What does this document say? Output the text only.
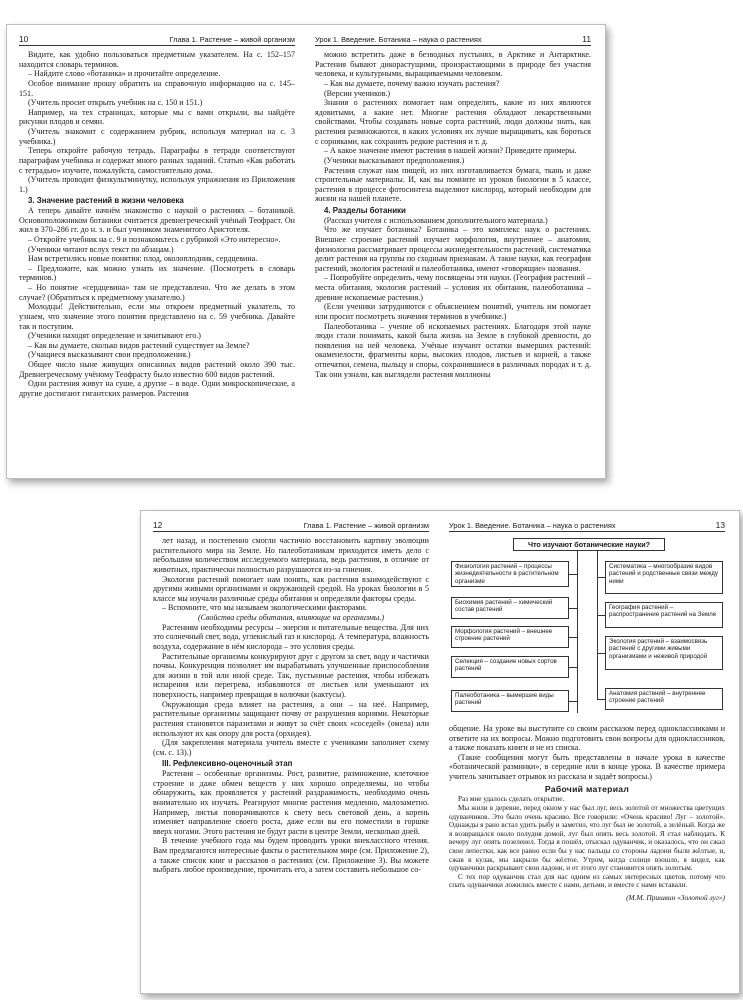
10	Глава 1. Растение – живой организм

Видите, как удобно пользоваться предметным указателем. На с. 152–157 находится словарь терминов.

– Найдите слово «ботаника» и прочитайте определение.

Особое внимание прошу обратить на справочную информацию на с. 145–151.

(Учитель просит открыть учебник на с. 150 и 151.)

Например, на тех страницах, которые мы с вами открыли, вы найдёте рисунки плодов и семян.

(Учитель знакомит с содержанием рубрик, используя материал на с. 3 учебника.)

Теперь откройте рабочую тетрадь. Параграфы в тетради соответствуют параграфам учебника и содержат много разных заданий. Статью «Как работать с тетрадью» изучите, пожалуйста, самостоятельно дома.

(Учитель проводит физкультминутку, используя упражнения из Приложения 1.)

3. Значение растений в жизни человека

А теперь давайте начнём знакомство с наукой о растениях – ботаникой. Основоположником ботаники считается древнегреческий учёный Теофраст. Он жил в 370–286 гг. до н. э. и был учеником знаменитого Аристотеля.

– Откройте учебник на с. 9 и познакомьтесь с рубрикой «Это интересно».

(Ученики читают вслух текст по абзацам.)

Нам встретились новые понятия: плод, околоплодник, сердцевина.

– Предложите, как можно узнать их значение. (Посмотреть в словарь терминов.)

– Но понятие «сердцевина» там не представлено. Что же делать в этом случае? (Обратиться к предметному указателю.)

Молодцы! Действительно, если мы откроем предметный указатель, то узнаем, что значение этого понятия представлено на с. 59 учебника. Давайте так и поступим.

(Ученики находят определение и зачитывают его.)

– Как вы думаете, сколько видов растений существует на Земле?

(Учащиеся высказывают свои предположения.)

Общее число ныне живущих описанных видов растений около 390 тыс. Древнегреческому учёному Теофрасту было известно 600 видов растений.

Одни растения живут на суше, а другие – в воде. Одни микроскопические, а другие достигают гигантских размеров. Растения

Урок 1. Введение. Ботаника – наука о растениях	11

можно встретить даже в безводных пустынях, в Арктике и Антарктике. Растения бывают дикорастущими, произрастающими в природе без участия человека, и культурными, выращиваемыми человеком.

– Как вы думаете, почему важно изучать растения?

(Версии учеников.)

Знания о растениях помогает нам определять, какие из них являются ядовитыми, а какие нет. Многие растения обладают лекарственными свойствами. Чтобы создавать новые сорта растений, люди должны знать, как растения размножаются, в каких условиях их лучше выращивать, как бороться с сорняками, как сохранять редкие растения и т. д.

– А какое значение имеют растения в нашей жизни? Приведите примеры.

(Ученики высказывают предположения.)

Растения служат нам пищей, из них изготавливается бумага, ткань и даже строительные материалы. И, как вы помните из уроков биологии в 5 классе, растения в процессе фотосинтеза выделяют кислород, который необходим для жизни на нашей планете.

4. Разделы ботаники

(Рассказ учителя с использованием дополнительного материала.)

Что же изучает ботаника? Ботаника – это комплекс наук о растениях. Внешнее строение растений изучает морфология, внутреннее – анатомия, физиология рассматривает процессы жизнедеятельности растений, систематика делит растения на группы по сходным признакам. А такие науки, как география растений, экология растений и палеоботаника, имеют «говорящие» названия.

– Попробуйте определить, чему посвящены эти науки. (География растений – места обитания, экология растений – условия их обитания, палеоботаника – древние ископаемые растения.)

(Если ученики затрудняются с объяснением понятий, учитель им помогает или просит посмотреть значения терминов в учебнике.)

Палеоботаника – учение об ископаемых растениях. Благодаря этой науке люди стали понимать, какой была жизнь на Земле в глубокой древности, до появления на ней человека. Учёные изучают остатки вымерших растений: окаменелости, фрагменты коры, высоких плодов, листьев и корней, а также отпечатки, семена, пыльцу и споры, сохранившиеся в различных породах и т. д. Так они узнали, как выглядели растения миллионы

12	Глава 1. Растение – живой организм

лет назад, и постепенно смогли частично восстановить картину эволюции растительного мира на Земле. Но палеоботаникам приходится иметь дело с небольшим количеством исследуемого материала, ведь растения, в отличие от животных, практически полностью разрушаются из-за гниения.

Экология растений помогает нам понять, как растения взаимодействуют с другими живыми организмами и окружающей средой. На уроках биологии в 5 классе мы изучали различные среды обитания и определяли факторы среды.

– Вспомните, что мы называем экологическими факторами.

(Свойства среды обитания, влияющие на организмы.)

Растениям необходимы ресурсы – энергия и питательные вещества. Для них это солнечный свет, вода, углекислый газ и кислород. А температура, влажность воздуха, содержание в нём кислорода – это условия среды.

Растительные организмы конкурируют друг с другом за свет, воду и частички почвы. Конкуренция позволяет им вырабатывать улучшенные приспособления для жизни в той или иной среде. Так, пустынные растения, чтобы избежать испарения или перегрева, избавляются от листьев или уменьшают их поверхность, например превращая в колючки (кактусы).

Окружающая среда влияет на растения, а они – на неё. Например, растительные организмы защищают почву от разрушения корнями. Некоторые растения становятся паразитами и живут за счёт своих «соседей» (омела) или используют их как опору для роста (орхидея).

(Для закрепления материала учитель вместе с учениками заполняет схему (см. с. 13).)

III. Рефлексивно-оценочный этап

Растения – особенные организмы. Рост, развитие, размножение, клеточное строение и даже обмен веществ у них хорошо определяемы, но чтобы обнаружить, как проявляется у растений раздражимость, необходимо очень внимательно их изучать. Реагируют многие растения медленно, малозаметно. Например, листья поворачиваются к свету весь световой день, а корень изменяет направление своего роста, даже если вы его поместили в горшке вверх ногами. Этого растения не будут расти в центре Земли, несколько дней.

В течение учебного года мы будем проводить уроки внеклассного чтения. Вам предлагаются интересные факты о растительном мире (см. Приложение 2), а также список книг и рассказов о растениях (см. Приложение 3). Вы можете выбрать любое произведение, прочитать его, а затем составить небольшое со-

Урок 1. Введение. Ботаника – наука о растениях	13
Что изучают ботанические науки?
Физиология растений – процессы жизнедеятельности в растительном организме
Биохимия растений – химический состав растений
Морфология растений – внешнее строение растений
Селекция – создание новых сортов растений
Палеоботаника – вымершие виды растений
Систематика – многообразие видов растений и родственные связи между ними
География растений – распространение растений на Земле
Экология растений – взаимосвязь растений с другими живыми организмами и неживой природой
Анатомия растений – внутреннее строение растений

общение. На уроке вы выступите со своим рассказом перед одноклассниками и ответите на их вопросы. Можно подготовить свои вопросы для одноклассников, а также показать книги и не из списка.

(Такие сообщения могут быть представлены в начале урока в качестве «ботанической разминки», в середине или в конце урока. В качестве примера учитель зачитывает отрывок из рассказа и задаёт вопросы.)

Рабочий материал

Раз мне удалось сделать открытие.

Мы жили в деревне, перед окном у нас был луг, весь золотой от множества цветущих одуванчиков. Это было очень красиво. Все говорили: «Очень красиво! Луг – золотой». Однажды я рано встал удить рыбу и заметил, что луг был не золотой, а зелёный. Когда же я возвращался около полудня домой, луг был опять весь золотой. Я стал наблюдать. К вечеру луг опять позеленел. Тогда я пошёл, отыскал одуванчик, и оказалось, что он сжал свои лепестки, как все равно если бы у нас пальцы со стороны ладони были жёлтые, и, сжав в кулак, мы закрыли бы жёлтое. Утром, когда солнце взошло, я видел, как одуванчики раскрывают свои ладони, и от этого луг становится опять золотым.

С тех пор одуванчик стал для нас одним из самых интересных цветов, потому что спать одуванчики ложились вместе с нами, детьми, и вместе с нами вставали.

(М.М. Пришвин «Золотой луг»)
